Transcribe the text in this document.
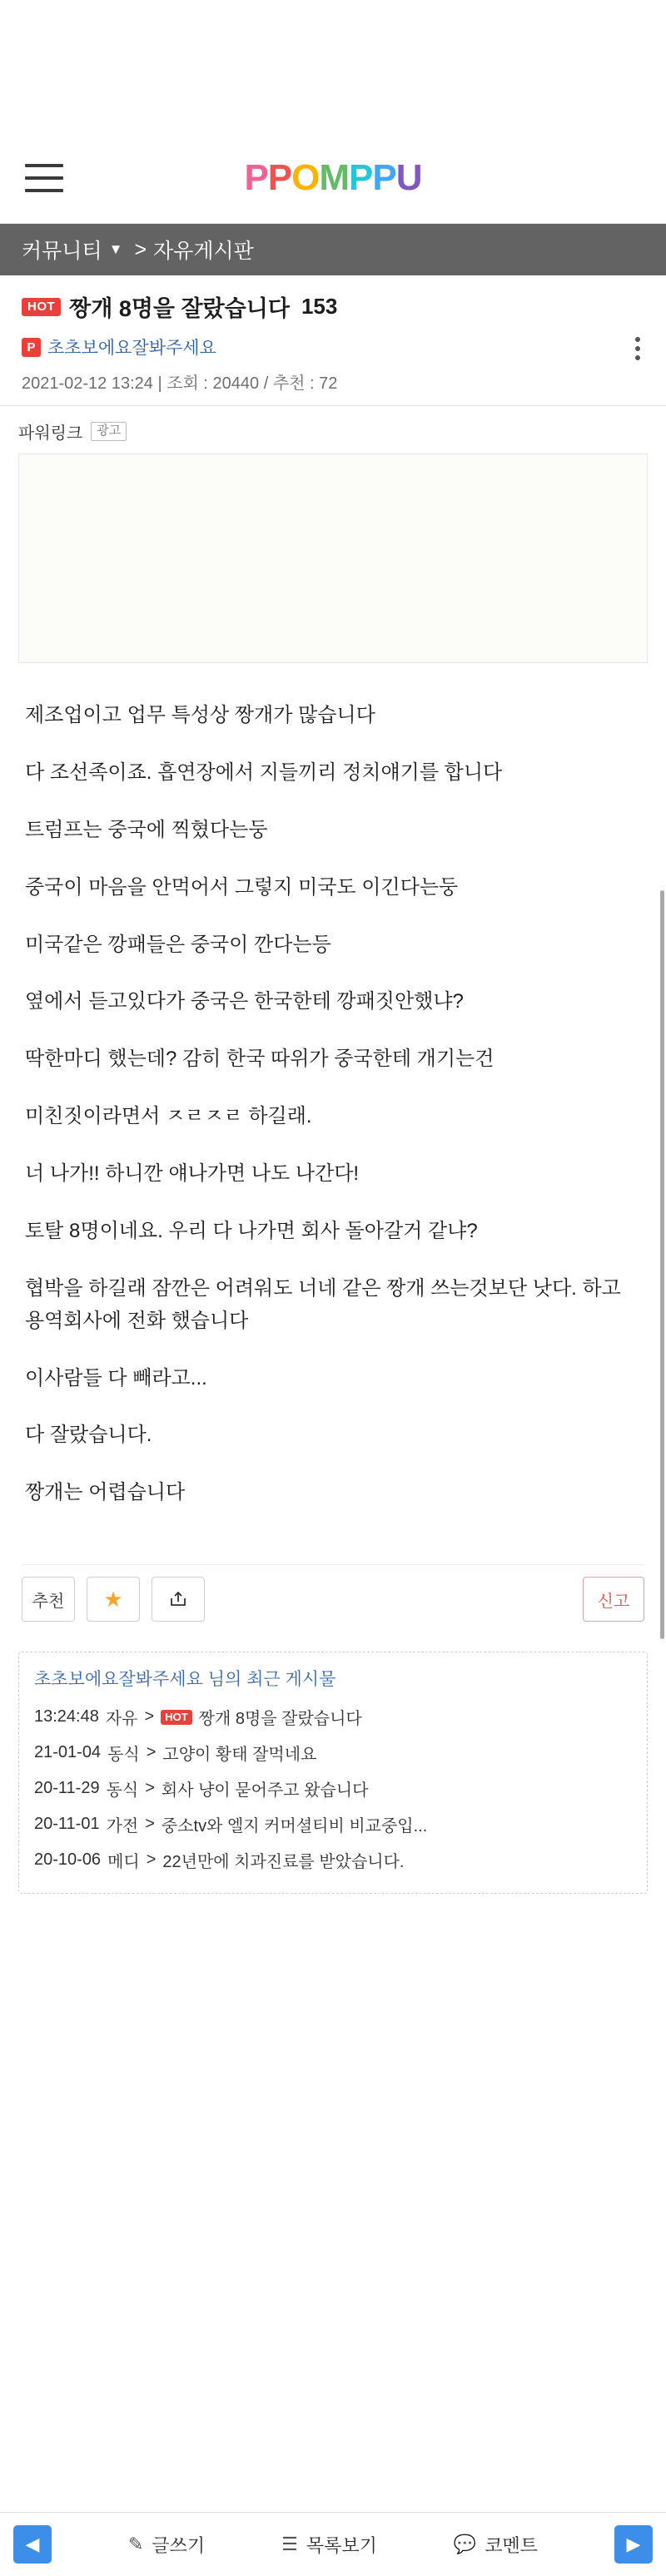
PPOMPPU
커뮤니티 ▼ > 자유게시판
HOT 짱개 8명을 잘랐습니다 153
P 초초보에요잘봐주세요
2021-02-12 13:24 | 조회 : 20440 / 추천 : 72
파워링크	광고

제조업이고 업무 특성상 짱개가 많습니다

다 조선족이죠. 흡연장에서 지들끼리 정치얘기를 합니다

트럼프는 중국에 찍혔다는둥

중국이 마음을 안먹어서 그렇지 미국도 이긴다는둥

미국같은 깡패들은 중국이 깐다는등

옆에서 듣고있다가 중국은 한국한테 깡패짓안했냐?

딱한마디 했는데? 감히 한국 따위가 중국한테 개기는건

미친짓이라면서 ㅈㄹㅈㄹ 하길래.

너 나가!! 하니깐 얘나가면 나도 나간다!

토탈 8명이네요. 우리 다 나가면 회사 돌아갈거 같냐?

협박을 하길래 잠깐은 어려워도 너네 같은 짱개 쓰는것보단 낫다. 하고 용역회사에 전화 했습니다

이사람들 다 빼라고...

다 잘랐습니다.

짱개는 어렵습니다

추천	★	신고
초초보에요잘봐주세요 님의 최근 게시물
13:24:48 자유 >	HOT 짱개 8명을 잘랐습니다
21-01-04 동식 > 고양이 황태 잘먹네요
20-11-29 동식 > 회사 냥이 묻어주고 왔습니다
20-11-01 가전 > 중소tv와 엘지 커머셜티비 비교중입...
20-10-06 메디 > 22년만에 치과진료를 받았습니다.
◀	✎ 글쓰기	☰ 목록보기	💬 코멘트	▶
